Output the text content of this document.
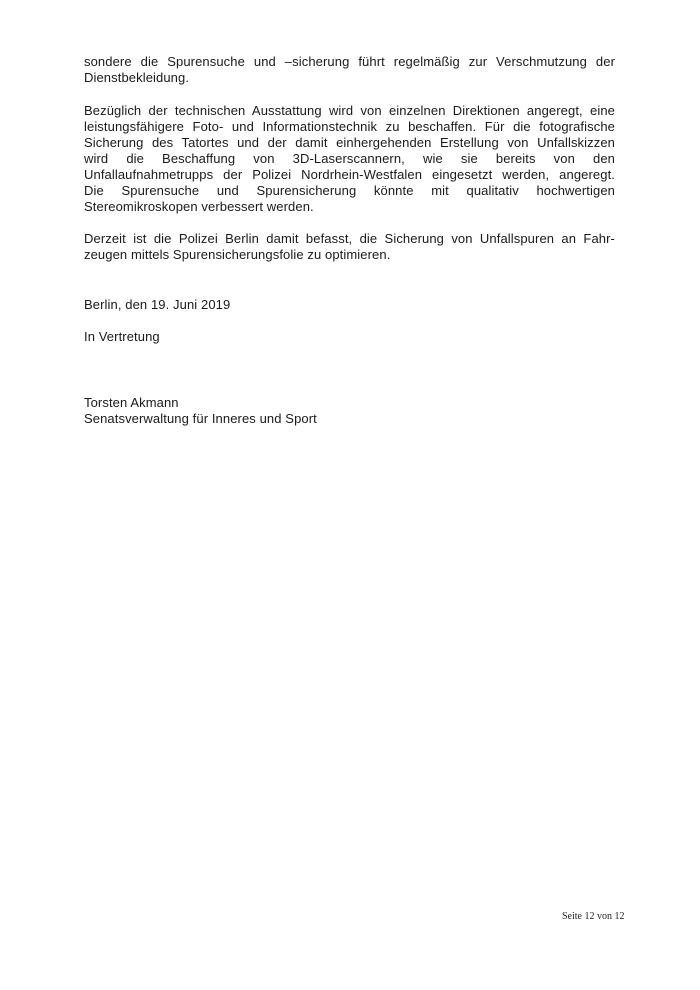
sondere die Spurensuche und –sicherung führt regelmäßig zur Verschmutzung der
Dienstbekleidung.
Bezüglich der technischen Ausstattung wird von einzelnen Direktionen angeregt, eine
leistungsfähigere Foto- und Informationstechnik zu beschaffen. Für die fotografische
Sicherung des Tatortes und der damit einhergehenden Erstellung von Unfallskizzen
wird die Beschaffung von 3D-Laserscannern, wie sie bereits von den
Unfallaufnahmetrupps der Polizei Nordrhein-Westfalen eingesetzt werden, angeregt.
Die Spurensuche und Spurensicherung könnte mit qualitativ hochwertigen
Stereomikroskopen verbessert werden.
Derzeit ist die Polizei Berlin damit befasst, die Sicherung von Unfallspuren an Fahr-
zeugen mittels Spurensicherungsfolie zu optimieren.
Berlin, den 19. Juni 2019
In Vertretung
Torsten Akmann
Senatsverwaltung für Inneres und Sport
Seite 12 von 12
